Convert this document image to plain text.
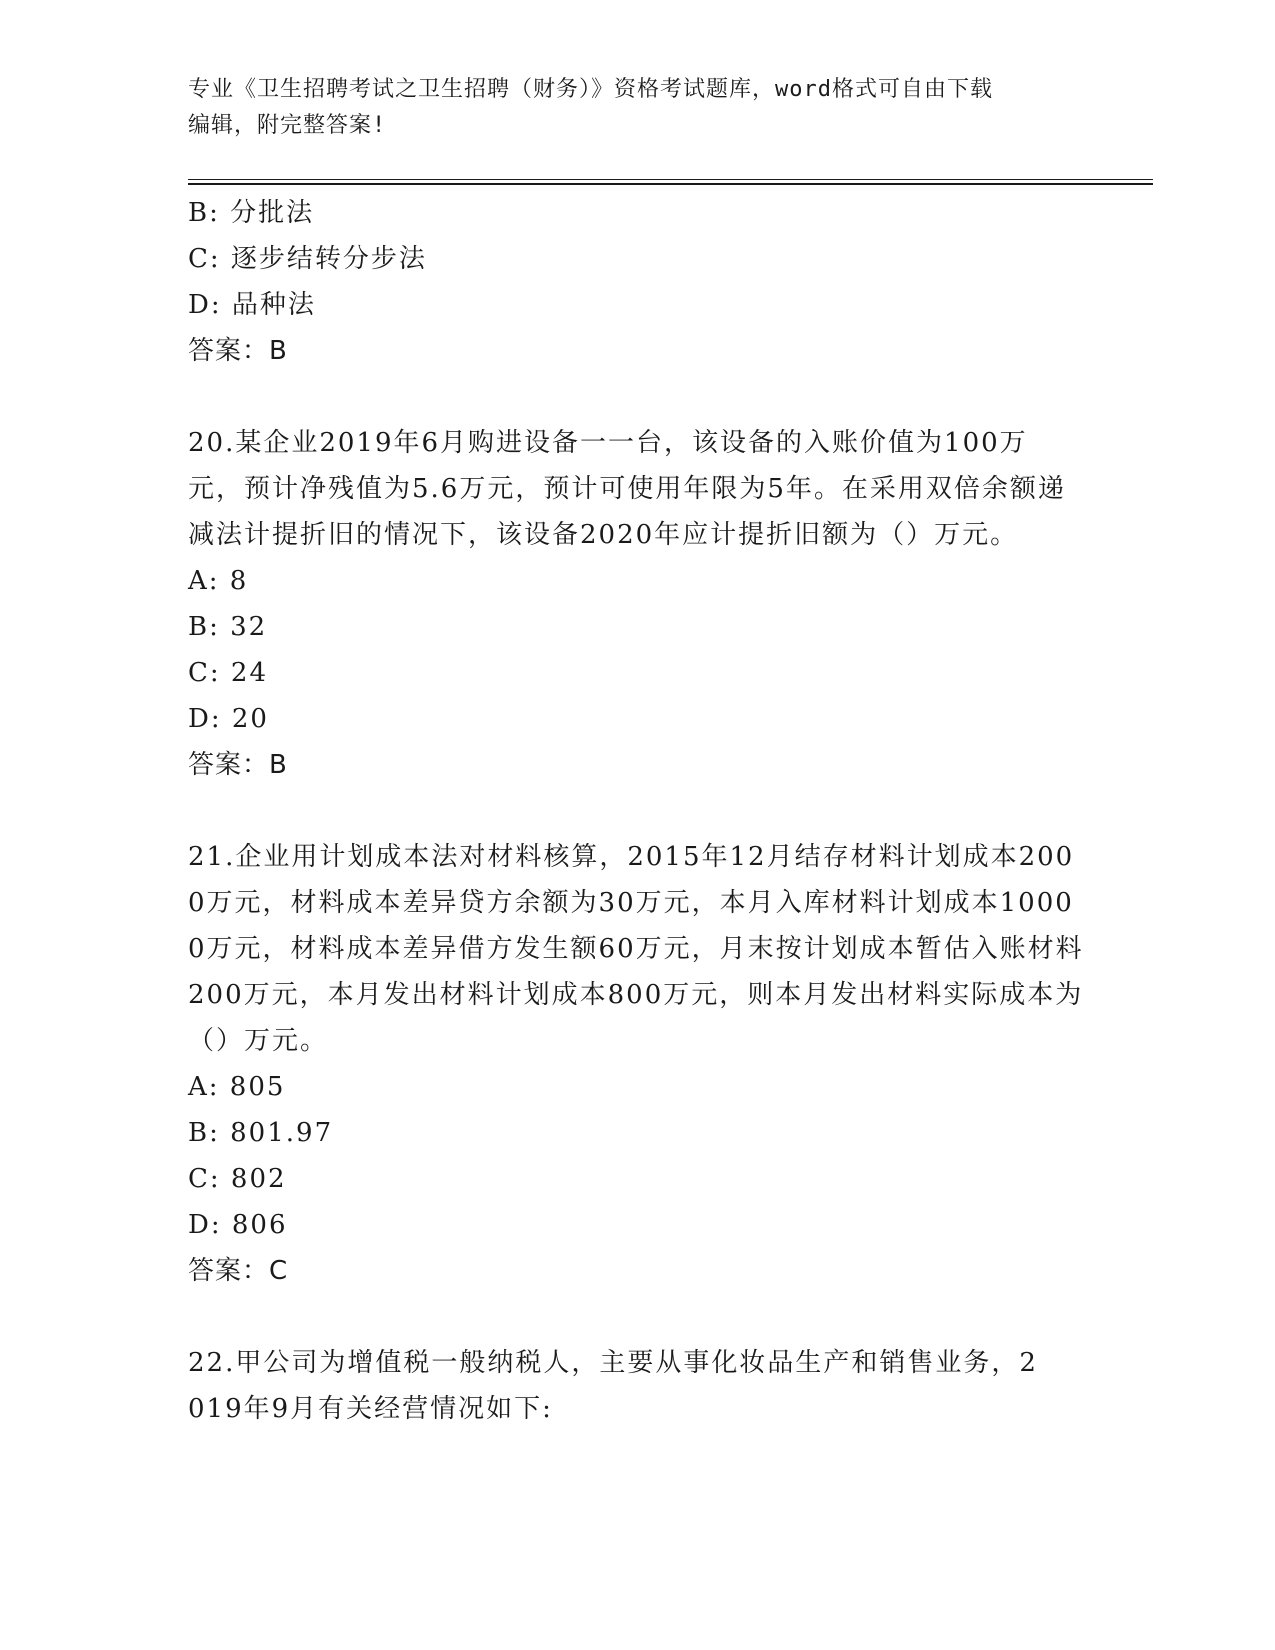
专业《卫生招聘考试之卫生招聘（财务）》资格考试题库，word格式可自由下载
编辑，附完整答案!
B: 分批法
C: 逐步结转分步法
D: 品种法
答案：B
20.某企业2019年6月购进设备一一台，该设备的入账价值为100万元，预计净残值为5.6万元，预计可使用年限为5年。在采用双倍余额递减法计提折旧的情况下，该设备2020年应计提折旧额为（）万元。
A: 8
B: 32
C: 24
D: 20
答案：B
21.企业用计划成本法对材料核算，2015年12月结存材料计划成本2000万元，材料成本差异贷方余额为30万元，本月入库材料计划成本10000万元，材料成本差异借方发生额60万元，月末按计划成本暂估入账材料200万元，本月发出材料计划成本800万元，则本月发出材料实际成本为（）万元。
A: 805
B: 801.97
C: 802
D: 806
答案：C
22.甲公司为增值税一般纳税人，主要从事化妆品生产和销售业务，2019年9月有关经营情况如下:
